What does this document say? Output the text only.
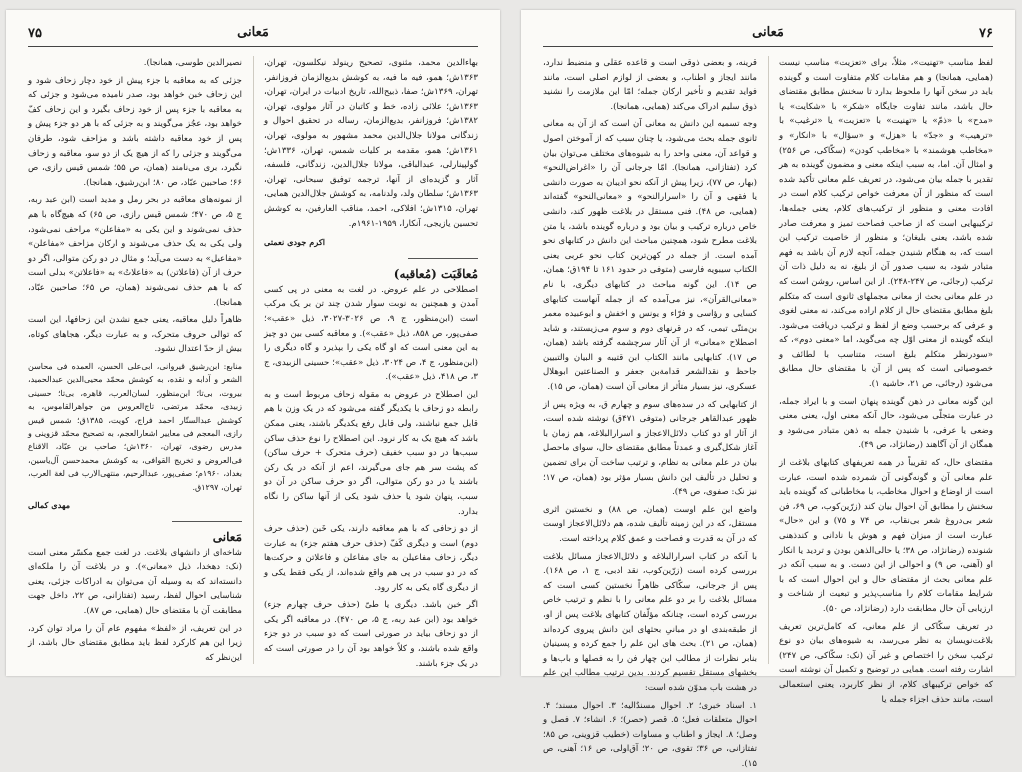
۷۵	مَعانی

بهاءالدین محمد، مثنوی، تصحیح رینولد نیکلسون، تهران، ۱۳۶۳ش؛ همو، فیه ما فیه، به کوشش بدیع‌الزمان فروزانفر، تهران، ۱۳۶۹ش؛ صفا، ذبیح‌الله، تاریخ ادبیات در ایران، تهران، ۱۳۶۳ش؛ علائی زاده، خط و کاتبان در آثار مولوی، تهران، ۱۳۸۲ش؛ فروزانفر، بدیع‌الزمان، رساله در تحقیق احوال و زندگانی مولانا جلال‌الدین محمد مشهور به مولوی، تهران، ۱۳۶۱ش؛ همو، مقدمه بر کلیات شمس، تهران، ۱۳۳۶ش؛ گولپینارلی، عبدالباقی، مولانا جلال‌الدین، زندگانی، فلسفه، آثار و گزیده‌ای از آنها، ترجمه توفیق سبحانی، تهران، ۱۳۶۳ش؛ سلطان ولد، ولدنامه، به کوشش جلال‌الدین همایی، تهران، ۱۳۱۵ش؛ افلاکی، احمد، مناقب العارفین، به کوشش تحسین یازیجی، آنکارا، ۱۹۵۹-۱۹۶۱م.

اکرم جودی نعمتی
مُعاقَبَت (مُعاقبه)

اصطلاحی در علم عروض. در لغت به معنی در پی کسی آمدن و همچنین به نوبت سوار شدن چند تن بر یک مرکب است (ابن‌منظور، ج ۹، ص ۳۰۲۶-۳۰۲۷، ذیل «عقب»؛ صفی‌پور، ص ۸۵۸، ذیل «عقب»). و معاقبه کسی بین دو چیز به این معنی است که او گاه یکی را بپذیرد و گاه دیگری را (ابن‌منظور، ج ۴، ص ۳۰۲۴، ذیل «عقب»؛ حسینی الزبیدی، ج ۳، ص ۴۱۸، ذیل «عقب»).

این اصطلاح در عروض به مقوله زحاف مربوط است و به رابطه دو زحاف با یکدیگر گفته می‌شود که در یک وزن با هم قابل جمع نباشند، ولی قابل رفع یکدیگر باشند، یعنی ممکن باشد که هیچ یک به کار نرود. این اصطلاح را نوع حذف ساکن سبب‌ها در دو سبب خفیف (حرف متحرک + حرف ساکن) که پشت سر هم جای می‌گیرند، اعم از آنکه در یک رکن باشند یا در دو رکن متوالی، اگر دو حرف ساکن در آن دو سبب، پنهان شود یا حذف شود یکی از آنها ساکن را نگاه بدارد.

از دو زحافی که با هم معاقبه دارند، یکی خَبن (حذف حرف دوم) است و دیگری کَفّ (حذف حرف هفتم جزء) به عبارت دیگر، زحاف مفاعیلن به جای مفاعلن و فاعلاتن و حرکت‌ها که در دو سبب در پی هم واقع شده‌اند، از یکی فقط یکی و از دیگری گاه یکی به کار رود.

اگر خبن باشد. دیگری یا طیّ (حذف حرف چهارم جزء) خواهد بود (ابن عبد ربه، ج ۵، ص ۴۷۰). در معاقبه اگر یکی از دو زحاف بیاید در صورتی است که دو سبب در دو جزء واقع شده باشند، و کلاً خواهد بود آن را در صورتی است که در یک جزء باشند.

نصیرالدین طوسی، همانجا).

جزئی که به معاقبه با جزء پیش از خود دچار زحاف شود و این زحاف خبن خواهد بود، صدر نامیده می‌شود و جزئی که به معاقبه با جزء پس از خود زحاف بگیرد و این زحاف کفّ خواهد بود، عجُز می‌گویند و به جزئی که با هر دو جزء پیش و پس از خود معاقبه داشته باشد و مزاحف شود، طرفان می‌گویند و جزئی را که از هیچ یک از دو سو، معاقبه و زحاف نگیرد، بری می‌نامند (همان، ص ۵۵؛ شمس قیس رازی، ص ۶۶؛ صاحبین عبّاد، ص ۸۰؛ ابن‌رشیق، همانجا).

از نمونه‌های معاقبه در بحر رمل و مدید است (ابن عبد ربه، ج ۵، ص ۴۷۰؛ شمس قیس رازی، ص ۶۵) که هیچ‌گاه با هم حذف نمی‌شوند و این یکی به «مفاعلن» مراحف نمی‌شود، ولی یکی به یک حذف می‌شوند و ارکان مزاحف «مفاعلن» «مفاعیل» به دست می‌آید؛ و مثال در دو رکن متوالی، اگر دو حرف از آن (فاعلاتن) به «فاعلاتُ» به «فاعلاتن» بدلی است که با هم حذف نمی‌شوند (همان، ص ۶۵؛ صاحبین عبّاد، همانجا).

ظاهراً دلیل معاقبه، یعنی جمع نشدن این زحافها، این است که توالی حروف متحرک، و به عبارت دیگر، هجاهای کوتاه، بیش از حدّ اعتدال نشود.

منابع: ابن‌رشیق قیروانی، ابی‌علی الحسن، العمده فی محاسن الشعر و آدابه و نقده، به کوشش محمّد محیی‌الدین عبدالحمید، بیروت، بی‌تا؛ ابن‌منظور، لسان‌العرب، قاهره، بی‌تا؛ حسینی زبیدی، محمّد مرتضی، تاج‌العروس من جواهرالقاموس، به کوشش عبدالستّار احمد فراج، کویت، ۱۳۸۵ق؛ شمس قیس رازی، المعجم فی معاییر اشعارالعجم، به تصحیح محمّد قزوینی و مدرس رضوی، تهران، ۱۳۶۰ش؛ صاحب بن عبّاد، الاقناع فی‌العروض و تخریج القوافی، به کوشش محمدحسن آل‌یاسین، بغداد، ۱۹۶۰م؛ صفی‌پور، عبدالرحیم، منتهی‌الارب فی لغة العرب، تهران، ۱۲۹۷ق.

مهدی کمالی
مَعانی

شاخه‌ای از دانشهای بلاغت. در لغت جمع مکسّر معنی است (نک: دهخدا، ذیل «معانی»). و در بلاغت آن را ملکه‌ای دانسته‌اند که به وسیله آن می‌توان به ادراکات جزئی، یعنی شناسایی احوال لفظ، رسید (تفتازانی، ص ۲۲، داخل جهت مطابقت آن با مقتضای حال (همایی، ص ۸۷).

در این تعریف، از «لفظ» مفهوم عام آن را مراد توان کرد، زیرا این هم کارکرد لفظ باید مطابق مقتضای حال باشد، از این‌نظر که

۷۶
مَعانی

لفظ مناسب «تهنیت»، مثلاً، برای «تعزیت» مناسب نیست (همایی، همانجا) و هم مقامات کلام متفاوت است و گوینده باید در سخن آنها را ملحوظ بدارد تا سخنش مطابق مقتضای حال باشد، مانند تفاوت جایگاه «شکر» با «شکایت» یا «مدح» با «ذمّ» یا «تهنیت» با «تعزیت» یا «ترغیب» با «ترهیب» و «جدّ» با «هزل» و «سؤال» با «انکار» و «مخاطب هوشمند» با «مخاطب کودن» (سکّاکی، ص ۲۵۶) و امثال آن. اما، به سبب اینکه معنی و مضمون گوینده به هر تقدیر با جمله بیان می‌شود، در تعریف علم معانی تأکید شده است که منظور از آن معرفت خواص ترکیب کلام است در افادت معنی و منظور از ترکیب‌های کلام، یعنی جمله‌ها، ترکیبهایی است که از صاحب فصاحت تمیز و معرفت صادر شده باشد، یعنی بلیغان؛ و منظور از خاصیت ترکیب این است که، به هنگام شنیدن جمله، آنچه لازم آن باشد به فهم متبادر شود، به سبب صدور آن از بلیغ، نه به دلیل ذات آن ترکیب (رجائی، ص ۲۴۷-۲۴۸). از این اساس، روشن است که در علم معانی بحث از معانی مجملهای ثانوی است که متکلم بلیغ مطابق مقتضای حال از کلام اراده می‌کند، نه معنی لغوی و عرفی که برحسب وضع از لفظ و ترکیب دریافت می‌شود. اینکه گوینده از معنی اوّل چه می‌گوید، اما «معنی دوم»، که «سودرنظر متکلم بلیغ است، متناسب با لطائف و خصوصیاتی است که پس از آن با مقتضای حال مطابق می‌شود (رجائی، ص ۲۱، حاشیه ۱).

این گونه معانی در ذهن گوینده پنهان است و با ایراد جمله، در عبارت متجلّی می‌شود، حال آنکه معنی اول، یعنی معنی وضعی یا عرفی، با شنیدن جمله به ذهن متبادر می‌شود و همگان از آن آگاهند (رضانژاد، ص ۴۹).

مقتضای حال، که تقریباً در همه تعریفهای کتابهای بلاغت از علم معانی آن و گونه‌گونی آن شمرده شده است، عبارت است از اوضاع و احوال مخاطب، با مخاطبانی که گوینده باید سخنش را مطابق آن احوال بیان کند (زرّین‌کوب، ص ۶۹، فن شعر بی‌دروغ شعر بی‌نقاب، ص ۷۴ و ۷۵) و این «حال» عبارت است از میزان فهم و هوش یا نادانی و کندذهنی شنونده (رضانژاد، ص ۳۸؛ یا حالی‌الذهن بودن و تردید یا انکار او (آهنی، ص ۹) و احوالی از این دست. و به سبب آنکه در علم معانی بحث از مقتضای حال و این احوال است که با شرایط مقامات کلام را مناسب‌پذیر و تبعیت از شناخت و ارزیابی آن حال مطابقت دارد (رضانژاد، ص ۵۰).

در تعریف سکّاکی از علم معانی، که کامل‌ترین تعریف بلاغت‌نویسان به نظر می‌رسد، به شیوه‌های بیان دو نوع ترکیب سخن را اختصاص و غیر آن (نک: سکّاکی، ص ۲۴۷) اشارت رفته است. همایی در توضیح و تکمیل آن نوشته است که خواص ترکیبهای کلام، از نظر کاربرد، یعنی استعمالی است، مانند حذف اجزاء جمله یا

قرینه، و بعضی ذوقی است و قاعده عقلی و منضبط ندارد، مانند ایجاز و اطناب، و بعضی از لوازم اصلی است، مانند فواید تقدیم و تأخیر ارکان جمله؛ امّا این ملازمت را نشنید ذوق سلیم ادراک می‌کند (همایی، همانجا).

وجه تسمیه این دانش به معانی آن است که از آن به معانی ثانوی جمله بحث می‌شود، یا چنان سبب که از آموختن اصول و قواعد آن، معنی واحد را به شیوه‌های مختلف می‌توان بیان کرد (تفتازانی، همانجا). امّا جرجانی آن را «اغراض‌النحو» (بهار، ص ۷۷)، زیرا پیش از آنکه نحو ادیبان به صورت دانشی یا فقهی و آن را «اسرارالنحو» و «معانی‌النحو» گفته‌اند (همایی، ص ۴۸). فنی مستقل در بلاغت ظهور کند، دانشی خاص درباره ترکیب و بیان بود و درباره گوینده باشد، یا متن بلاغت مطرح شود، همچنین مباحث این دانش در کتابهای نحو آمده است. از جمله در کهن‌ترین کتاب نحو عربی یعنی الکتاب سیبویه فارسی (متوفی در حدود ۱۶۱ تا ۱۹۴ق؛ همان، ص ۱۴). این گونه مباحث در کتابهای دیگری، با نام «معانی‌القرآن»، نیز می‌آمده که از جمله آنهاست کتابهای کسایی و رؤاسی و فرّاء و یونس و اخفش و ابوعبیده معمر بن‌مثنّی تیمی، که در قرنهای دوم و سوم می‌زیستند، و شاید اصطلاح «معانی» از آن آثار سرچشمه گرفته باشد (همان، ص ۱۷). کتابهایی مانند الکتاب ابن قتیبه و البیان والتبیین جاحظ و نقدالشعر قدامةبن جعفر و الصناعتین ابوهلال عسکری، نیز بسیار متأثر از معانی آن است (همان، ص ۱۵).

از کتابهایی که در سده‌های سوم و چهارم ق، به ویژه پس از ظهور عبدالقاهر جرجانی (متوفی ۴۷۱ق) نوشته شده است، از آثار او دو کتاب دلائل‌الاعجاز و اسرارالبلاغه، هم زمان با آغاز شکل‌گیری و عمدتاً مطابق مقتضای حال، سوای ماحصل بیان در علم معانی به نظام، و ترتیب ساخت آن برای تضمین و تحلیل در تألیف این دانش بسیار مؤثر بود (همان، ص ۱۷؛ نیز نک: صفوی، ص ۴۹).

واضع این علم اوست (همان، ص ۸۸) و نخستین اثری مستقل، که در این زمینه تألیف شده، هم دلائل‌الاعجاز اوست که در آن به قدرت و فصاحت و عمق کلام پرداخته است.

با آنکه در کتاب اسرارالبلاغه و دلائل‌الاعجاز مسائل بلاغت بررسی کرده است (زرّین‌کوب، نقد ادبی، ج ۱، ص ۱۶۸). پس از جرجانی، سکّاکی ظاهراً نخستین کسی است که مسائل بلاغت را بر دو علم معانی را با نظم و ترتیب خاص بررسی کرده است، چنانکه مؤلّفان کتابهای بلاغت پس از او، از طبقه‌بندی او در مبانیِ بحثهای این دانش پیروی کرده‌اند (همان، ص ۲۱). بحث های این علم را جمع کرده و پسینیان بنابر نظرات از مطالب این چهار فن را به فصلها و باب‌ها و بخشهای مستقل تقسیم کردند. بدین ترتیب مطالب این علم در هشت باب مدوّن شده است:

۱. اسناد خبری؛ ۲. احوال مسندٌالیه؛ ۳. احوال مسند؛ ۴. احوال متعلقات فعل؛ ۵. قصر (حصر)؛ ۶. انشاء؛ ۷. فصل و وصل؛ ۸. ایجاز و اطناب و مساوات (خطیب قزوینی، ص ۸۵؛ تفتازانی، ص ۳۶؛ تقوی، ص ۲۰؛ آق‌اولی، ص ۱۶؛ آهنی، ص ۱۵).
